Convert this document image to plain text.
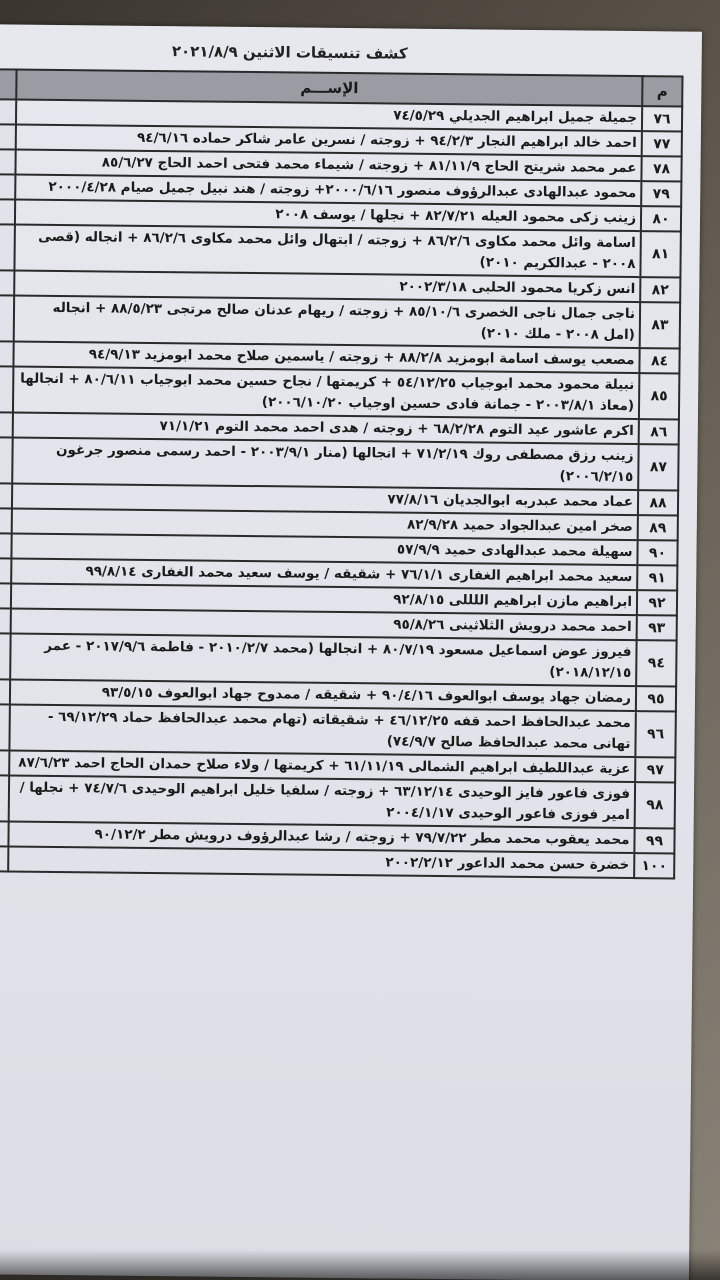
كشف تنسيقات الاثنين ٢٠٢١/٨/٩
م	الإســـم	
٧٦	جميلة جميل ابراهيم الجديلي ٧٤/٥/٢٩	
٧٧	احمد خالد ابراهيم النجار ٩٤/٢/٣ + زوجته / نسرين عامر شاكر حماده ٩٤/٦/١٦	
٧٨	عمر محمد شريتح الحاج ٨١/١١/٩ + زوجته / شيماء محمد فتحى احمد الحاج ٨٥/٦/٢٧	
٧٩	محمود عبدالهادى عبدالرؤوف منصور ٢٠٠٠/٦/١٦+ زوجته / هند نبيل جميل صيام ٢٠٠٠/٤/٢٨	
٨٠	زينب زكى محمود العيله ٨٢/٧/٢١ + نجلها / يوسف ٢٠٠٨	
٨١	اسامة وائل محمد مكاوى ٨٦/٢/٦ + زوجته / ابتهال وائل محمد مكاوى ٨٦/٢/٦ + انجاله (قصى ٢٠٠٨ - عبدالكريم ٢٠١٠)	
٨٢	انس زكريا محمود الحلبى ٢٠٠٢/٣/١٨	
٨٣	ناجى جمال ناجى الخصرى ٨٥/١٠/٦ + زوجته / ريهام عدنان صالح مرتجى ٨٨/٥/٢٣ + انجاله (امل ٢٠٠٨ - ملك ٢٠١٠)	
٨٤	مصعب يوسف اسامة ابومزيد ٨٨/٢/٨ + زوجته / ياسمين صلاح محمد ابومزيد ٩٤/٩/١٣	
٨٥	نبيلة محمود محمد ابوجياب ٥٤/١٢/٢٥ + كريمتها / نجاح حسين محمد ابوجياب ٨٠/٦/١١ + انجالها (معاذ ٢٠٠٣/٨/١ - جمانة فادى حسين اوجياب ٢٠٠٦/١٠/٢٠)	
٨٦	اكرم عاشور عيد التوم ٦٨/٢/٢٨ + زوجته / هدى احمد محمد التوم ٧١/١/٢١	
٨٧	زينب رزق مصطفى روك ٧١/٢/١٩ + انجالها (منار ٢٠٠٣/٩/١ - احمد رسمى منصور جرغون ٢٠٠٦/٢/١٥)	
٨٨	عماد محمد عبدربه ابوالجديان ٧٧/٨/١٦	
٨٩	صخر امين عبدالجواد حميد ٨٢/٩/٢٨	
٩٠	سهيلة محمد عبدالهادى حميد ٥٧/٩/٩	
٩١	سعيد محمد ابراهيم الغفارى ٧٦/١/١ + شقيقه / يوسف سعيد محمد الغفارى ٩٩/٨/١٤	
٩٢	ابراهيم مازن ابراهيم اللللى ٩٢/٨/١٥	
٩٣	احمد محمد درويش الثلاثينى ٩٥/٨/٢٦	
٩٤	فيروز عوض اسماعيل مسعود ٨٠/٧/١٩ + انجالها (محمد ٢٠١٠/٢/٧ - فاطمة ٢٠١٧/٩/٦ - عمر ٢٠١٨/١٢/١٥)	
٩٥	رمضان جهاد يوسف ابوالعوف ٩٠/٤/١٦ + شقيقه / ممدوح جهاد ابوالعوف ٩٣/٥/١٥	
٩٦	محمد عبدالحافظ احمد قفه ٤٦/١٢/٢٥ + شقيقاته (تهام محمد عبدالحافظ حماد ٦٩/١٢/٢٩ - تهانى محمد عبدالحافظ صالح ٧٤/٩/٧)	
٩٧	عزية عبداللطيف ابراهيم الشمالى ٦١/١١/١٩ + كريمتها / ولاء صلاح حمدان الحاج احمد ٨٧/٦/٢٣	
٩٨	فوزى فاعور فايز الوحيدى ٦٣/١٢/١٤ + زوجته / سلفيا خليل ابراهيم الوحيدى ٧٤/٧/٦ + نجلها / امير فوزى فاعور الوحيدى ٢٠٠٤/١/١٧	
٩٩	محمد يعقوب محمد مطر ٧٩/٧/٢٢ + زوجته / رشا عبدالرؤوف درويش مطر ٩٠/١٢/٢	
١٠٠	خضرة حسن محمد الداعور ٢٠٠٢/٢/١٢	
